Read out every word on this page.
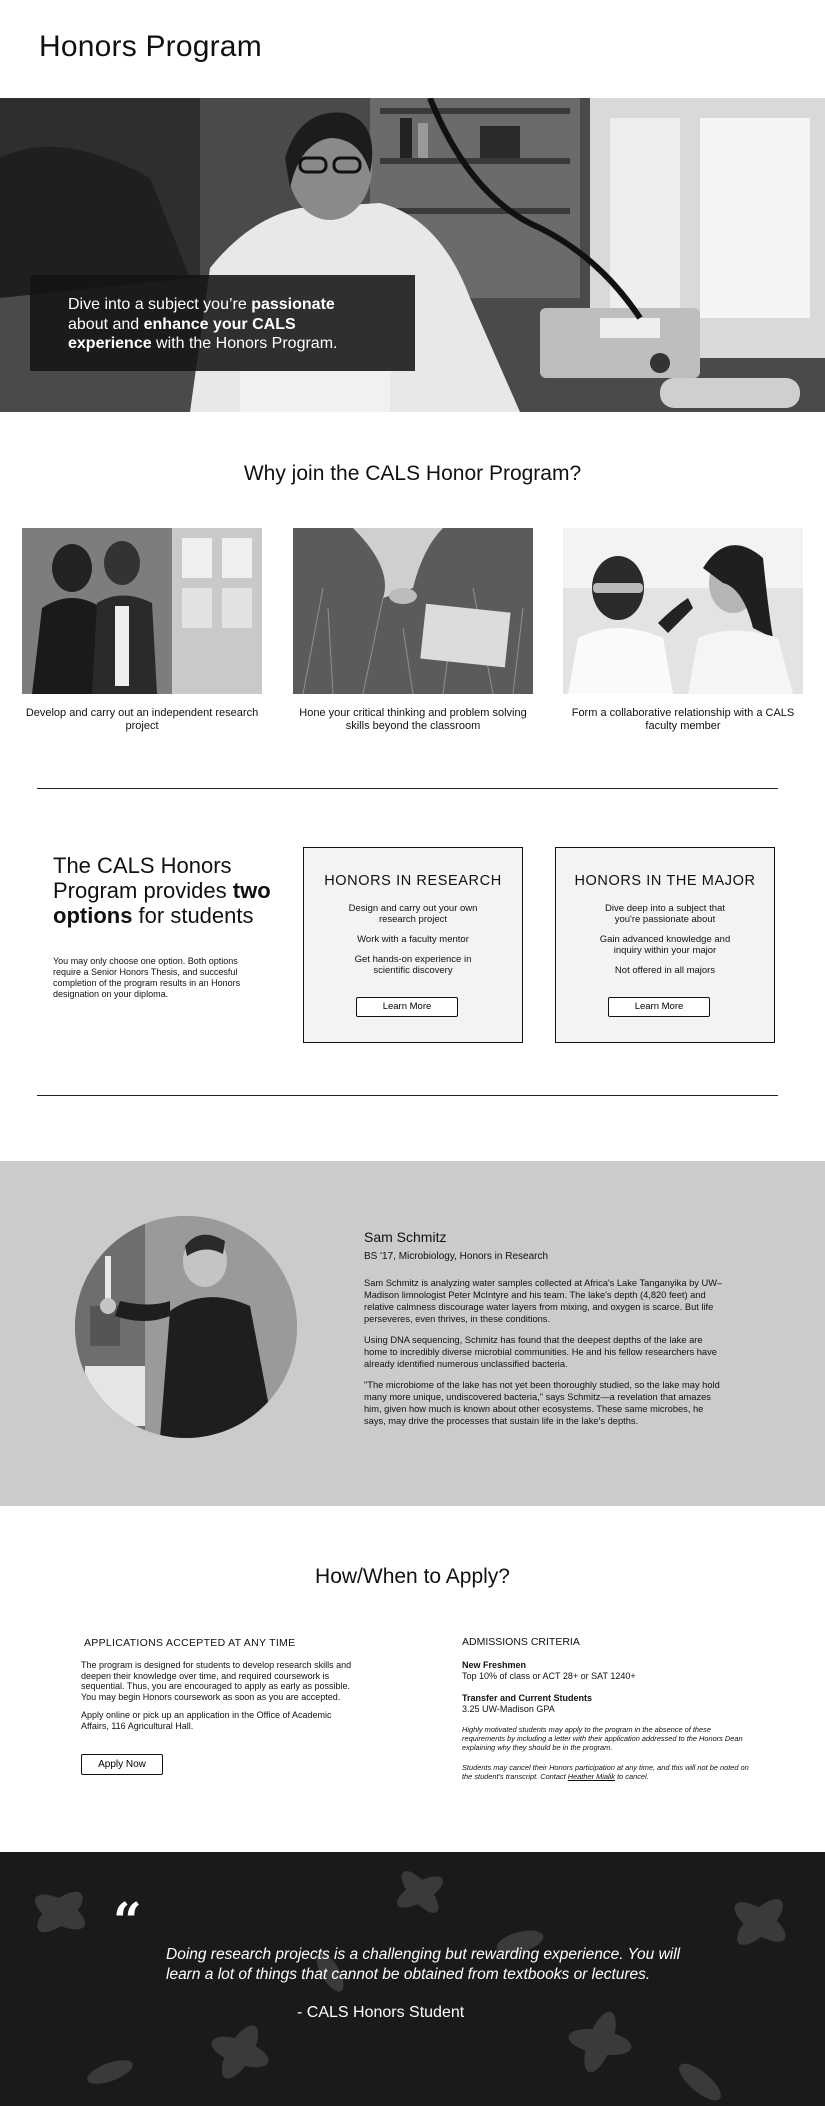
Honors Program
Dive into a subject you’re passionate about and enhance your CALS experience with the Honors Program.
Why join the CALS Honor Program?
Develop and carry out an independent research project
Hone your critical thinking and problem solving skills beyond the classroom
Form a collaborative relationship with a CALS faculty member
The CALS Honors Program provides two options for students
You may only choose one option. Both options require a Senior Honors Thesis, and succesful completion of the program results in an Honors designation on your diploma.
HONORS IN RESEARCH
Design and carry out your own research project
Work with a faculty mentor
Get hands-on experience in scientific discovery
Learn More
HONORS IN THE MAJOR
Dive deep into a subject that you're passionate about
Gain advanced knowledge and inquiry within your major
Not offered in all majors
Learn More
Sam Schmitz
BS '17, Microbiology, Honors in Research

Sam Schmitz is analyzing water samples collected at Africa's Lake Tanganyika by UW–Madison limnologist Peter McIntyre and his team. The lake's depth (4,820 feet) and relative calmness discourage water layers from mixing, and oxygen is scarce. But life perseveres, even thrives, in these conditions.

Using DNA sequencing, Schmitz has found that the deepest depths of the lake are home to incredibly diverse microbial communities. He and his fellow researchers have already identified numerous unclassified bacteria.

"The microbiome of the lake has not yet been thoroughly studied, so the lake may hold many more unique, undiscovered bacteria," says Schmitz—a revelation that amazes him, given how much is known about other ecosystems. These same microbes, he says, may drive the processes that sustain life in the lake's depths.

How/When to Apply?
APPLICATIONS ACCEPTED AT ANY TIME

The program is designed for students to develop research skills and deepen their knowledge over time, and required coursework is sequential. Thus, you are encouraged to apply as early as possible. You may begin Honors coursework as soon as you are accepted.

Apply online or pick up an application in the Office of Academic Affairs, 116 Agricultural Hall.

Apply Now
ADMISSIONS CRITERIA
New Freshmen
Top 10% of class or ACT 28+ or SAT 1240+
Transfer and Current Students
3.25 UW-Madison GPA
Highly motivated students may apply to the program in the absence of these requirements by including a letter with their application addressed to the Honors Dean explaining why they should be in the program.
Students may cancel their Honors participation at any time, and this will not be noted on the student's transcript. Contact Heather Mialik to cancel.
“
Doing research projects is a challenging but rewarding experience. You will learn a lot of things that cannot be obtained from textbooks or lectures.
- CALS Honors Student
